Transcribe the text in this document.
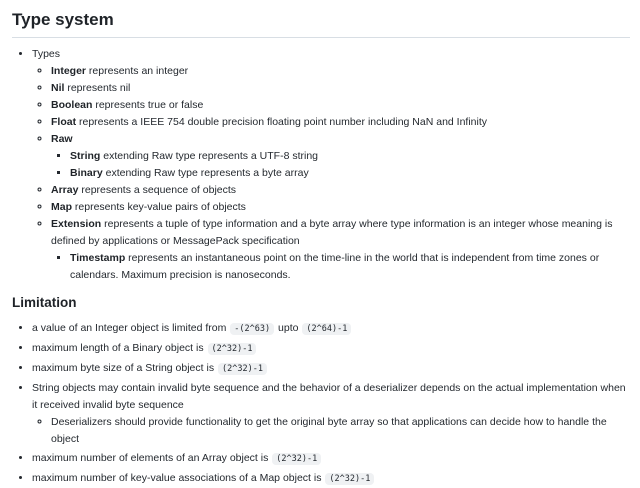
Type system
• Types
◦ Integer represents an integer
◦ Nil represents nil
◦ Boolean represents true or false
◦ Float represents a IEEE 754 double precision floating point number including NaN and Infinity
◦ Raw
▪ String extending Raw type represents a UTF-8 string
▪ Binary extending Raw type represents a byte array
◦ Array represents a sequence of objects
◦ Map represents key-value pairs of objects
◦ Extension represents a tuple of type information and a byte array where type information is an integer whose meaning is defined by applications or MessagePack specification
▪ Timestamp represents an instantaneous point on the time-line in the world that is independent from time zones or calendars. Maximum precision is nanoseconds.
Limitation
• a value of an Integer object is limited from -(2^63) upto (2^64)-1
• maximum length of a Binary object is (2^32)-1
• maximum byte size of a String object is (2^32)-1
• String objects may contain invalid byte sequence and the behavior of a deserializer depends on the actual implementation when it received invalid byte sequence
◦ Deserializers should provide functionality to get the original byte array so that applications can decide how to handle the object
• maximum number of elements of an Array object is (2^32)-1
• maximum number of key-value associations of a Map object is (2^32)-1
